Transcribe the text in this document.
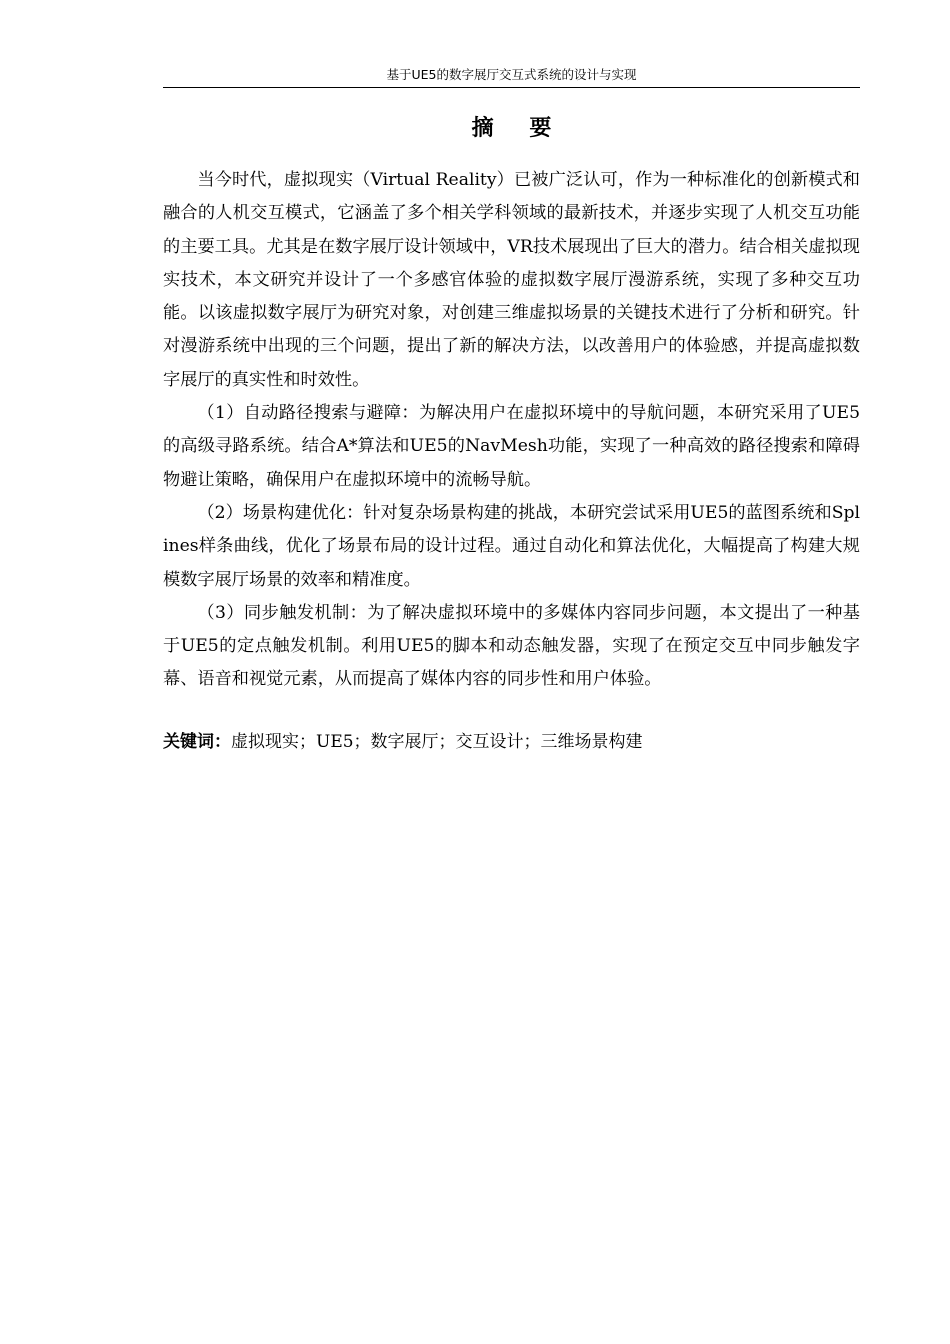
基于UE5的数字展厅交互式系统的设计与实现
摘 要

当今时代，虚拟现实（Virtual Reality）已被广泛认可，作为一种标准化的创新模式和融合的人机交互模式，它涵盖了多个相关学科领域的最新技术，并逐步实现了人机交互功能的主要工具。尤其是在数字展厅设计领域中，VR技术展现出了巨大的潜力。结合相关虚拟现实技术，本文研究并设计了一个多感官体验的虚拟数字展厅漫游系统，实现了多种交互功能。以该虚拟数字展厅为研究对象，对创建三维虚拟场景的关键技术进行了分析和研究。针对漫游系统中出现的三个问题，提出了新的解决方法，以改善用户的体验感，并提高虚拟数字展厅的真实性和时效性。

（1）自动路径搜索与避障：为解决用户在虚拟环境中的导航问题，本研究采用了UE5的高级寻路系统。结合A*算法和UE5的NavMesh功能，实现了一种高效的路径搜索和障碍物避让策略，确保用户在虚拟环境中的流畅导航。

（2）场景构建优化：针对复杂场景构建的挑战，本研究尝试采用UE5的蓝图系统和Splines样条曲线，优化了场景布局的设计过程。通过自动化和算法优化，大幅提高了构建大规模数字展厅场景的效率和精准度。

（3）同步触发机制：为了解决虚拟环境中的多媒体内容同步问题，本文提出了一种基于UE5的定点触发机制。利用UE5的脚本和动态触发器，实现了在预定交互中同步触发字幕、语音和视觉元素，从而提高了媒体内容的同步性和用户体验。

关键词：虚拟现实；UE5；数字展厅；交互设计；三维场景构建
